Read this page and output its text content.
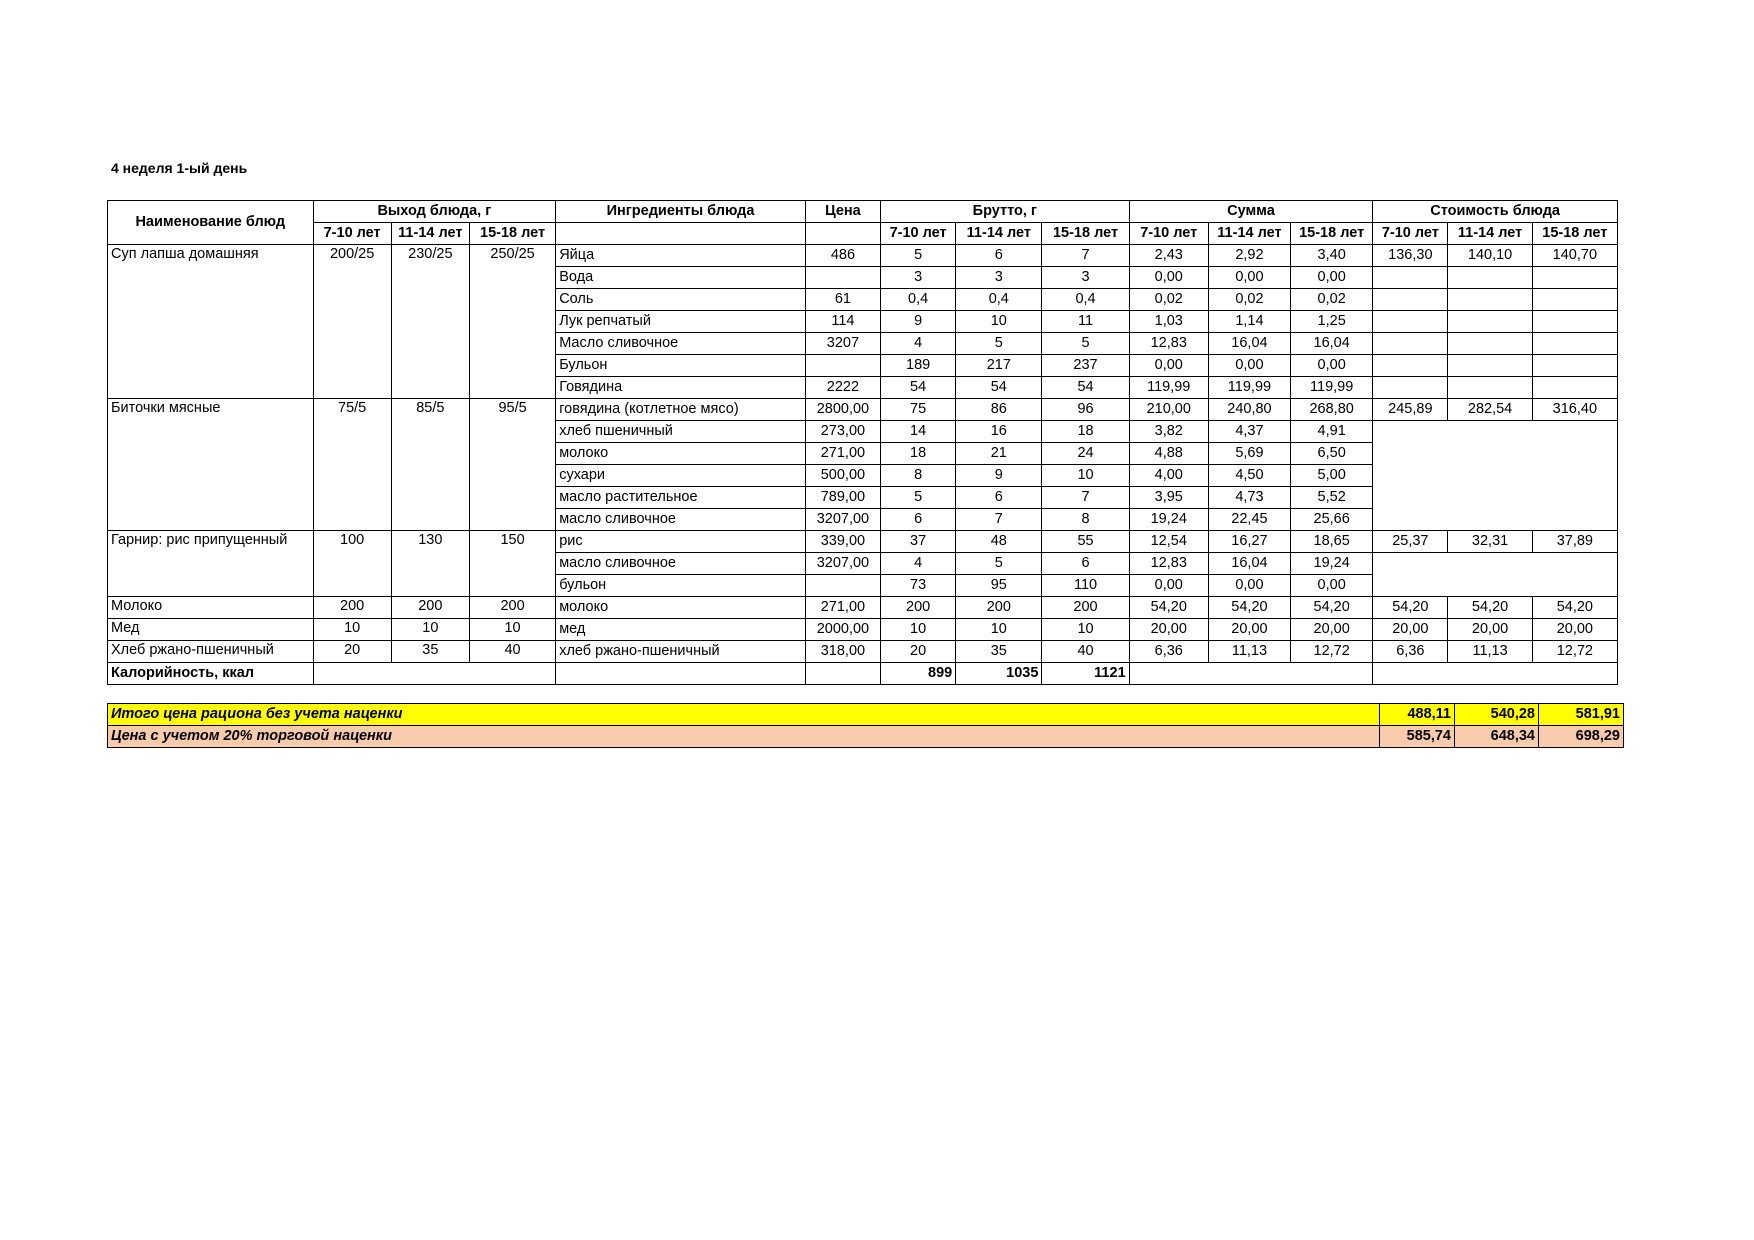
4 неделя 1-ый день
Наименование блюд	Выход блюда, г			Ингредиенты блюда	Цена	Брутто, г			Сумма			Стоимость блюда		
	7-10 лет	11-14 лет	15-18 лет			7-10 лет	11-14 лет	15-18 лет	7-10 лет	11-14 лет	15-18 лет	7-10 лет	11-14 лет	15-18 лет
Суп лапша домашняя	200/25	230/25	250/25	Яйца	486	5	6	7	2,43	2,92	3,40	136,30	140,10	140,70
				Вода		3	3	3	0,00	0,00	0,00			
				Соль	61	0,4	0,4	0,4	0,02	0,02	0,02			
				Лук репчатый	114	9	10	11	1,03	1,14	1,25			
				Масло сливочное	3207	4	5	5	12,83	16,04	16,04			
				Бульон		189	217	237	0,00	0,00	0,00			
				Говядина	2222	54	54	54	119,99	119,99	119,99			
Биточки мясные	75/5	85/5	95/5	говядина (котлетное мясо)	2800,00	75	86	96	210,00	240,80	268,80	245,89	282,54	316,40
				хлеб пшеничный	273,00	14	16	18	3,82	4,37	4,91			
				молоко	271,00	18	21	24	4,88	5,69	6,50			
				сухари	500,00	8	9	10	4,00	4,50	5,00			
				масло растительное	789,00	5	6	7	3,95	4,73	5,52			
				масло сливочное	3207,00	6	7	8	19,24	22,45	25,66			
Гарнир: рис припущенный	100	130	150	рис	339,00	37	48	55	12,54	16,27	18,65	25,37	32,31	37,89
				масло сливочное	3207,00	4	5	6	12,83	16,04	19,24			
				бульон		73	95	110	0,00	0,00	0,00			
Молоко	200	200	200	молоко	271,00	200	200	200	54,20	54,20	54,20	54,20	54,20	54,20
Мед	10	10	10	мед	2000,00	10	10	10	20,00	20,00	20,00	20,00	20,00	20,00
Хлеб ржано-пшеничный	20	35	40	хлеб ржано-пшеничный	318,00	20	35	40	6,36	11,13	12,72	6,36	11,13	12,72
Калорийность, ккал						899	1035	1121						
Итого цена рациона без учета наценки	488,11	540,28	581,91
Цена с учетом 20% торговой наценки	585,74	648,34	698,29
